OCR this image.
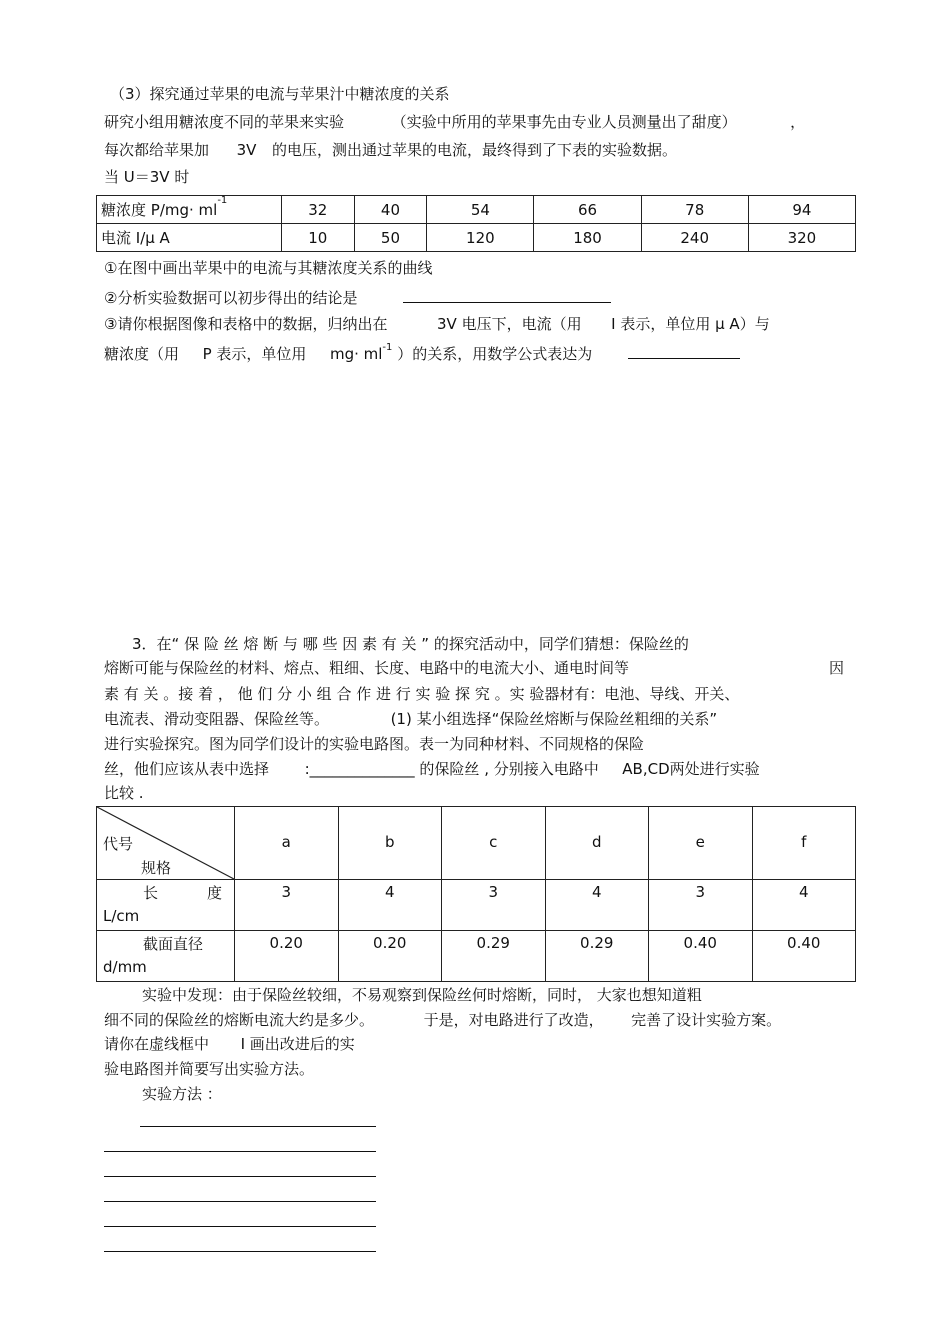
（3）探究通过苹果的电流与苹果汁中糖浓度的关系
研究小组用糖浓度不同的苹果来实验	（实验中所用的苹果事先由专业人员测量出了甜度）	，
每次都给苹果加 3V 的电压，测出通过苹果的电流，最终得到了下表的实验数据。
当 U＝3V 时
糖浓度 $P/mg\cdot ml^{-1}$	32	40	54	66	78	94
电流 I/μ A	10	50	120	180	240	320
①在图中画出苹果中的电流与其糖浓度关系的曲线
②分析实验数据可以初步得出的结论是
③请你根据图像和表格中的数据，归纳出在	3V 电压下，电流（用 I 表示，单位用 μ A）与
糖浓度（用 P 表示，单位用 $mg\cdot ml^{-1}$ ）的关系，用数学公式表达为
3．在“ 保 险 丝 熔 断 与 哪 些 因 素 有 关 ” 的探究活动中，同学们猜想：保险丝的
熔断可能与保险丝的材料、熔点、粗细、长度、电路中的电流大小、通电时间等	因
素 有 关 。接 着 ， 他 们 分 小 组 合 作 进 行 实 验 探 究 。实 验器材有：电池、导线、开关、
电流表、滑动变阻器、保险丝等。	(1) 某小组选择“保险丝熔断与保险丝粗细的关系”
进行实验探究。图为同学们设计的实验电路图。表一为同种材料、不同规格的保险
丝，他们应该从表中选择 :______________ 的保险丝 , 分别接入电路中 AB,CD两处进行实验
比较 .
代号
规格	a	b	c	d	e	f

长 度
L/cm	3	4	3	4	3	4

截面直径
d/mm	0.20	0.20	0.29	0.29	0.40	0.40
实验中发现：由于保险丝较细，不易观察到保险丝何时熔断，同时， 大家也想知道粗
细不同的保险丝的熔断电流大约是多少。	于是，对电路进行了改造， 完善了设计实验方案。
请你在虚线框中 I 画出改进后的实
验电路图并简要写出实验方法。
实验方法 ：
